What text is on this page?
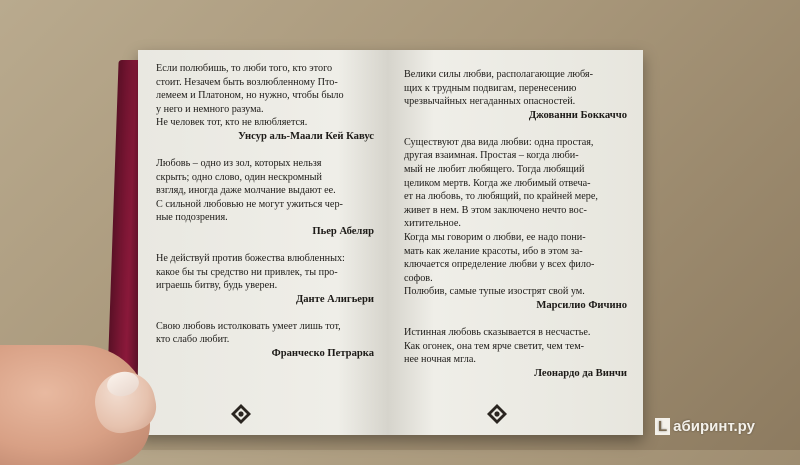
Если полюбишь, то люби того, кто этого
стоит. Незачем быть возлюбленному Пто-
лемеем и Платоном, но нужно, чтобы было
у него и немного разума.
Не человек тот, кто не влюбляется.

Унсур аль-Маали Кей Кавус

Любовь – одно из зол, которых нельзя
скрыть; одно слово, один нескромный
взгляд, иногда даже молчание выдают ее.
С сильной любовью не могут ужиться чер-
ные подозрения.

Пьер Абеляр

Не действуй против божества влюбленных:
какое бы ты средство ни привлек, ты про-
играешь битву, будь уверен.

Данте Алигьери

Свою любовь истолковать умеет лишь тот,
кто слабо любит.

Франческо Петрарка

Велики силы любви, располагающие любя-
щих к трудным подвигам, перенесению
чрезвычайных негаданных опасностей.

Джованни Боккаччо

Существуют два вида любви: одна простая,
другая взаимная. Простая – когда люби-
мый не любит любящего. Тогда любящий
целиком мертв. Когда же любимый отвеча-
ет на любовь, то любящий, по крайней мере,
живет в нем. В этом заключено нечто вос-
хитительное.
Когда мы говорим о любви, ее надо пони-
мать как желание красоты, ибо в этом за-
ключается определение любви у всех фило-
софов.
Полюбив, самые тупые изострят свой ум.

Марсилио Фичино

Истинная любовь сказывается в несчастье.
Как огонек, она тем ярче светит, чем тем-
нее ночная мгла.

Леонардо да Винчи
L абиринт.ру
